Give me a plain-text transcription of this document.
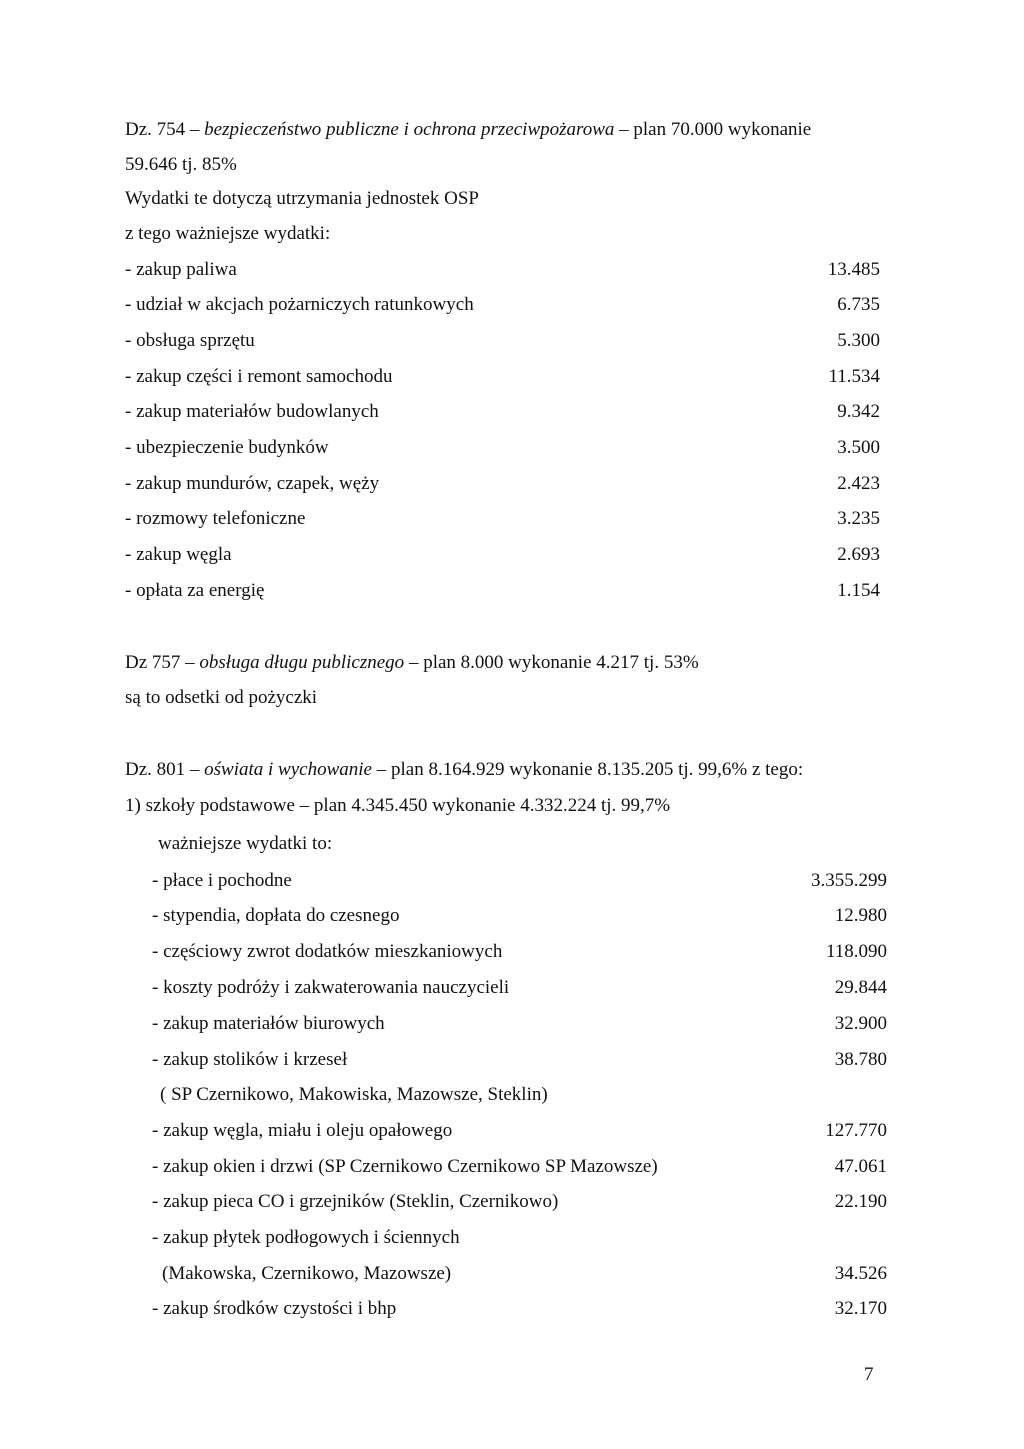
Dz. 754 – bezpieczeństwo publiczne i ochrona przeciwpożarowa – plan 70.000 wykonanie
59.646 tj. 85%
Wydatki te dotyczą utrzymania jednostek OSP
z tego ważniejsze wydatki:
- zakup paliwa	13.485
- udział w akcjach pożarniczych ratunkowych	6.735
- obsługa sprzętu	5.300
- zakup części i remont samochodu	11.534
- zakup materiałów budowlanych	9.342
- ubezpieczenie budynków	3.500
- zakup mundurów, czapek, węży	2.423
- rozmowy telefoniczne	3.235
- zakup węgla	2.693
- opłata za energię	1.154
Dz 757 – obsługa długu publicznego – plan 8.000 wykonanie 4.217 tj. 53%
są to odsetki od pożyczki
Dz. 801 – oświata i wychowanie – plan 8.164.929 wykonanie 8.135.205 tj. 99,6% z tego:
1) szkoły podstawowe – plan 4.345.450 wykonanie 4.332.224 tj. 99,7%
ważniejsze wydatki to:
- płace i pochodne	3.355.299
- stypendia, dopłata do czesnego	12.980
- częściowy zwrot dodatków mieszkaniowych	118.090
- koszty podróży i zakwaterowania nauczycieli	29.844
- zakup materiałów biurowych	32.900
- zakup stolików i krzeseł	38.780
( SP Czernikowo, Makowiska, Mazowsze, Steklin)
- zakup węgla, miału i oleju opałowego	127.770
- zakup okien i drzwi (SP Czernikowo Czernikowo SP Mazowsze)	47.061
- zakup pieca CO i grzejników (Steklin, Czernikowo)	22.190
- zakup płytek podłogowych i ściennych
(Makowska, Czernikowo, Mazowsze)	34.526
- zakup środków czystości i bhp	32.170
7
